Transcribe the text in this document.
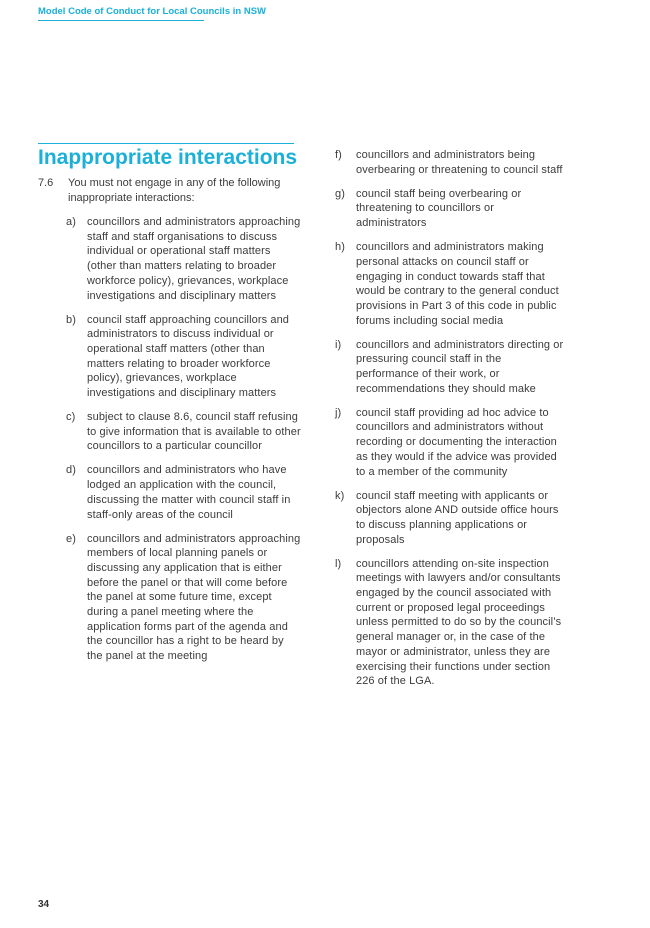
Model Code of Conduct for Local Councils in NSW
Inappropriate interactions
7.6 You must not engage in any of the following inappropriate interactions:
a) councillors and administrators approaching staff and staff organisations to discuss individual or operational staff matters (other than matters relating to broader workforce policy), grievances, workplace investigations and disciplinary matters
b) council staff approaching councillors and administrators to discuss individual or operational staff matters (other than matters relating to broader workforce policy), grievances, workplace investigations and disciplinary matters
c) subject to clause 8.6, council staff refusing to give information that is available to other councillors to a particular councillor
d) councillors and administrators who have lodged an application with the council, discussing the matter with council staff in staff-only areas of the council
e) councillors and administrators approaching members of local planning panels or discussing any application that is either before the panel or that will come before the panel at some future time, except during a panel meeting where the application forms part of the agenda and the councillor has a right to be heard by the panel at the meeting
f) councillors and administrators being overbearing or threatening to council staff
g) council staff being overbearing or threatening to councillors or administrators
h) councillors and administrators making personal attacks on council staff or engaging in conduct towards staff that would be contrary to the general conduct provisions in Part 3 of this code in public forums including social media
i) councillors and administrators directing or pressuring council staff in the performance of their work, or recommendations they should make
j) council staff providing ad hoc advice to councillors and administrators without recording or documenting the interaction as they would if the advice was provided to a member of the community
k) council staff meeting with applicants or objectors alone AND outside office hours to discuss planning applications or proposals
l) councillors attending on-site inspection meetings with lawyers and/or consultants engaged by the council associated with current or proposed legal proceedings unless permitted to do so by the council’s general manager or, in the case of the mayor or administrator, unless they are exercising their functions under section 226 of the LGA.
34
